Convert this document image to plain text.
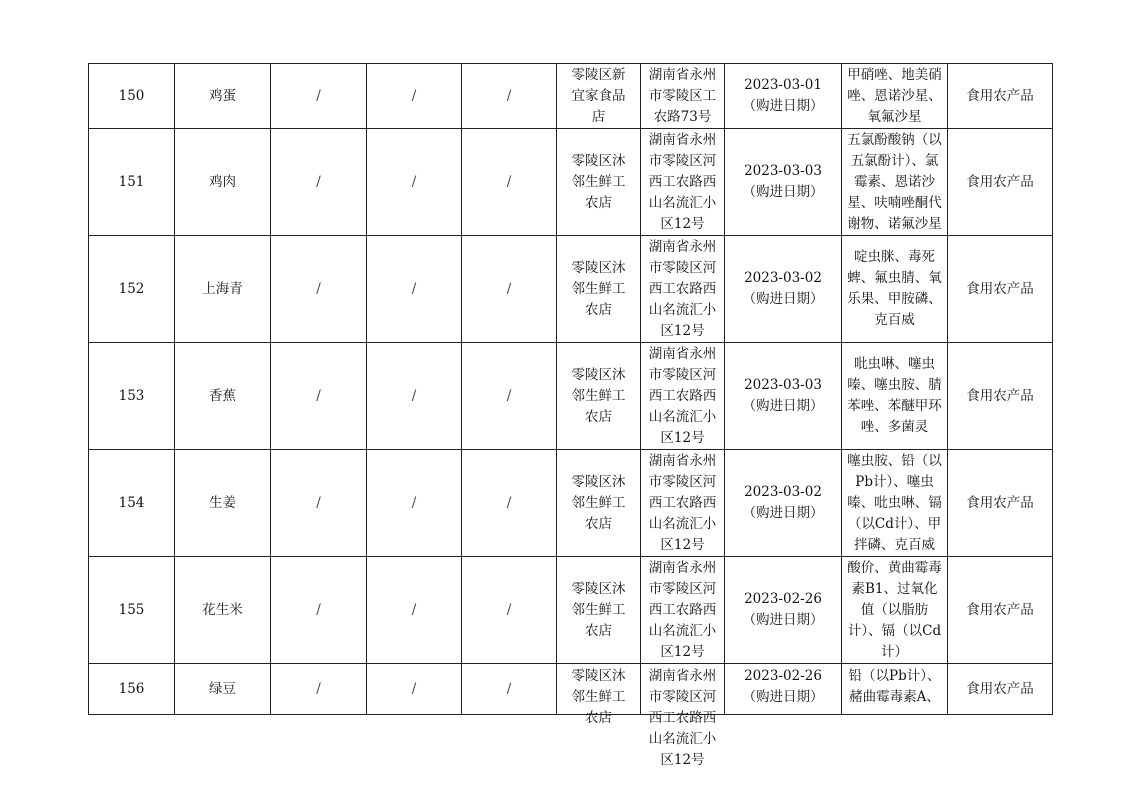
150	鸡蛋	/	/	/	零陵区新宜家食品店	湖南省永州市零陵区工农路73号	2023-03-01（购进日期）	甲硝唑、地美硝唑、恩诺沙星、氧氟沙星	食用农产品
151	鸡肉	/	/	/	零陵区沐邻生鲜工农店	湖南省永州市零陵区河西工农路西山名流汇小区12号	2023-03-03（购进日期）	五氯酚酸钠（以五氯酚计）、氯霉素、恩诺沙星、呋喃唑酮代谢物、诺氟沙星	食用农产品
152	上海青	/	/	/	零陵区沐邻生鲜工农店	湖南省永州市零陵区河西工农路西山名流汇小区12号	2023-03-02（购进日期）	啶虫脒、毒死蜱、氟虫腈、氧乐果、甲胺磷、克百威	食用农产品
153	香蕉	/	/	/	零陵区沐邻生鲜工农店	湖南省永州市零陵区河西工农路西山名流汇小区12号	2023-03-03（购进日期）	吡虫啉、噻虫嗪、噻虫胺、腈苯唑、苯醚甲环唑、多菌灵	食用农产品
154	生姜	/	/	/	零陵区沐邻生鲜工农店	湖南省永州市零陵区河西工农路西山名流汇小区12号	2023-03-02（购进日期）	噻虫胺、铅（以Pb计）、噻虫嗪、吡虫啉、镉（以Cd计）、甲拌磷、克百威	食用农产品
155	花生米	/	/	/	零陵区沐邻生鲜工农店	湖南省永州市零陵区河西工农路西山名流汇小区12号	2023-02-26（购进日期）	酸价、黄曲霉毒素B1、过氧化值（以脂肪计）、镉（以Cd计）	食用农产品
156	绿豆	/	/	/	零陵区沐邻生鲜工农店	湖南省永州市零陵区河西工农路西山名流汇小区12号	2023-02-26（购进日期）	铅（以Pb计）、赭曲霉毒素A、	食用农产品
